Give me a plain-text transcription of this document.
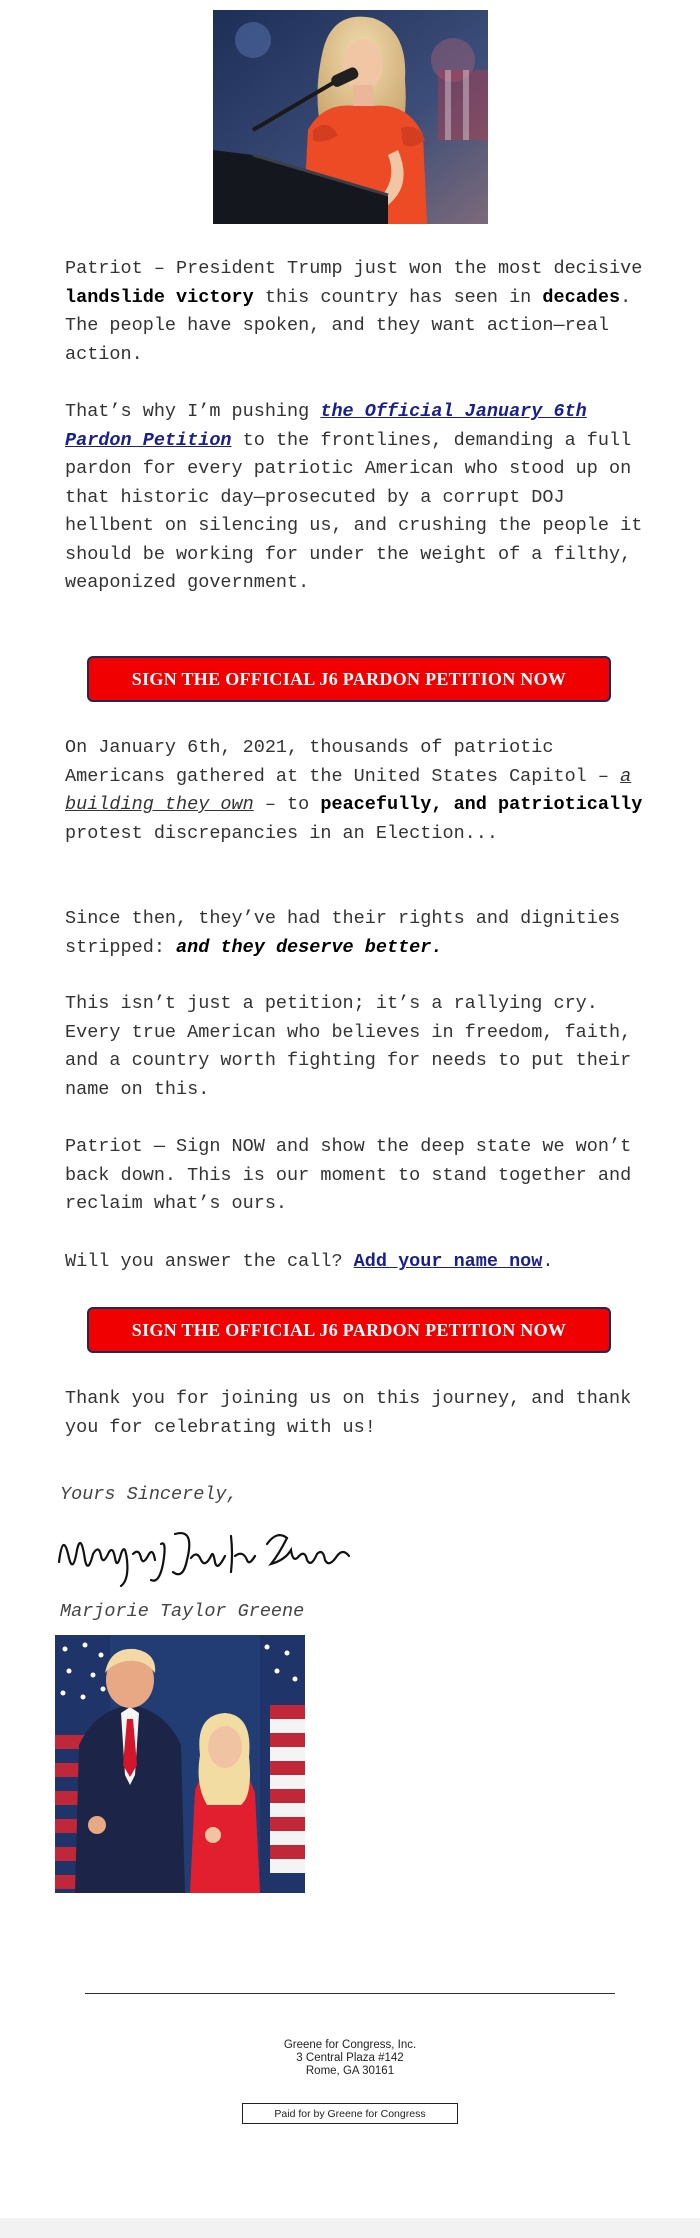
Patriot – President Trump just won the most decisive landslide victory this country has seen in decades. The people have spoken, and they want action—real action.

That’s why I’m pushing the Official January 6th Pardon Petition to the frontlines, demanding a full pardon for every patriotic American who stood up on that historic day—prosecuted by a corrupt DOJ hellbent on silencing us, and crushing the people it should be working for under the weight of a filthy, weaponized government.

SIGN THE OFFICIAL J6 PARDON PETITION NOW

On January 6th, 2021, thousands of patriotic Americans gathered at the United States Capitol – a building they own – to peacefully, and patriotically protest discrepancies in an Election...

Since then, they’ve had their rights and dignities stripped: and they deserve better.

This isn’t just a petition; it’s a rallying cry. Every true American who believes in freedom, faith, and a country worth fighting for needs to put their name on this.

Patriot — Sign NOW and show the deep state we won’t back down. This is our moment to stand together and reclaim what’s ours.

Will you answer the call? Add your name now.

SIGN THE OFFICIAL J6 PARDON PETITION NOW

Thank you for joining us on this journey, and thank you for celebrating with us!

Yours Sincerely,
Marjorie Taylor Greene
Greene for Congress, Inc.
3 Central Plaza #142
Rome, GA 30161
Paid for by Greene for Congress
